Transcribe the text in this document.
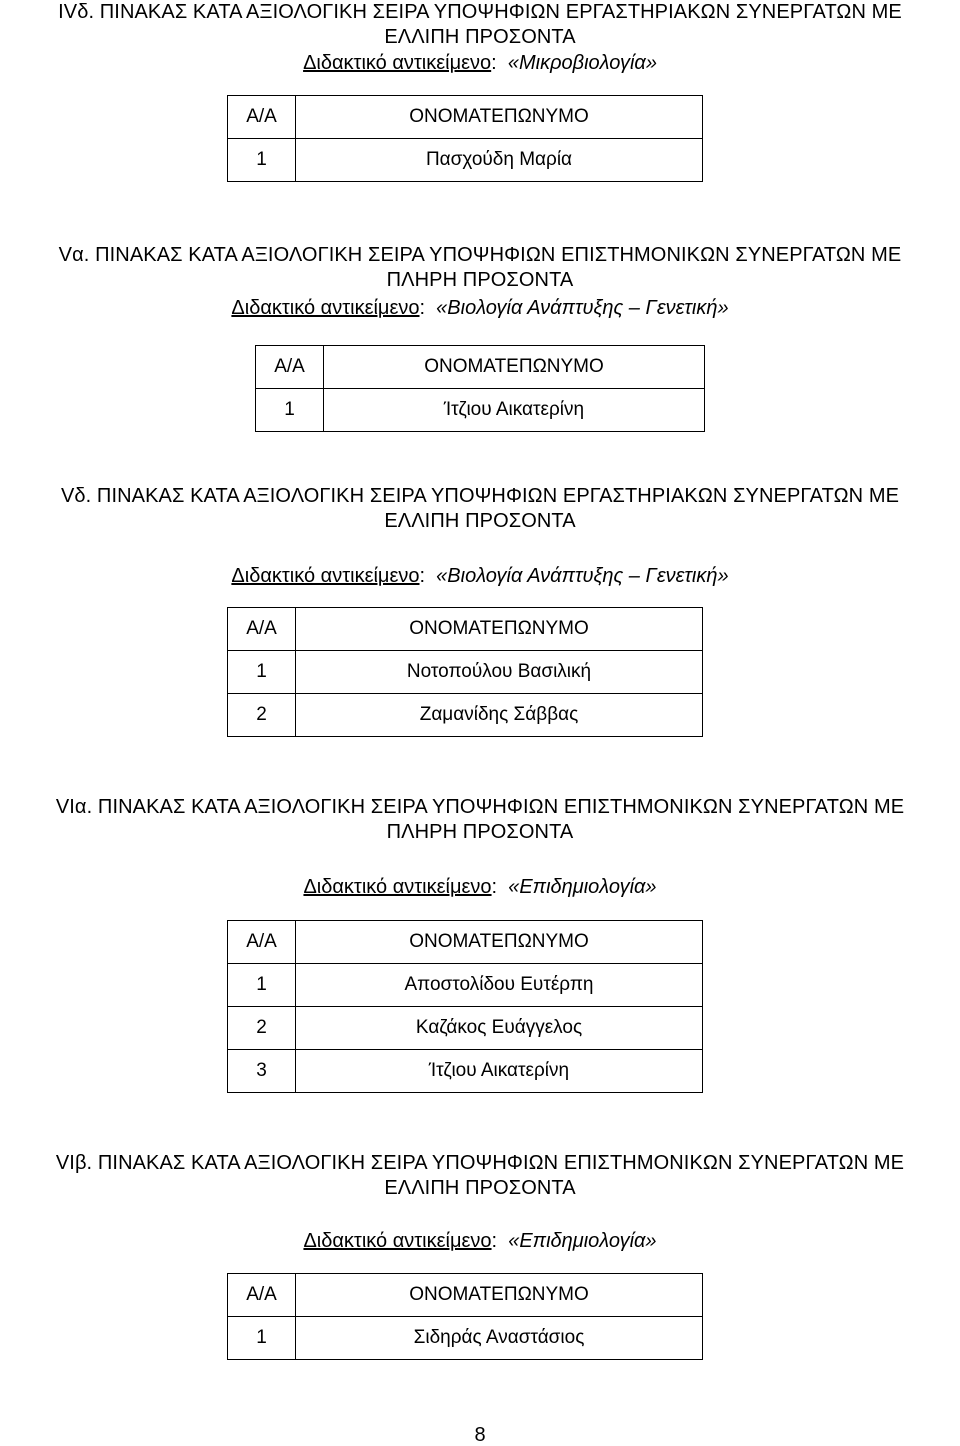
IVδ. ΠΙΝΑΚΑΣ ΚΑΤΑ ΑΞΙΟΛΟΓΙΚΗ ΣΕΙΡΑ ΥΠΟΨΗΦΙΩΝ ΕΡΓΑΣΤΗΡΙΑΚΩΝ ΣΥΝΕΡΓΑΤΩΝ ΜΕ
ΕΛΛΙΠΗ ΠΡΟΣΟΝΤΑ
Διδακτικό αντικείμενο:  «Μικροβιολογία»
Α/Α	ΟΝΟΜΑΤΕΠΩΝΥΜΟ
1	Πασχούδη Μαρία
Vα. ΠΙΝΑΚΑΣ ΚΑΤΑ ΑΞΙΟΛΟΓΙΚΗ ΣΕΙΡΑ ΥΠΟΨΗΦΙΩΝ ΕΠΙΣΤΗΜΟΝΙΚΩΝ ΣΥΝΕΡΓΑΤΩΝ ΜΕ
ΠΛΗΡΗ ΠΡΟΣΟΝΤΑ
Διδακτικό αντικείμενο:  «Βιολογία Ανάπτυξης – Γενετική»
Α/Α	ΟΝΟΜΑΤΕΠΩΝΥΜΟ
1	Ίτζιου Αικατερίνη
Vδ. ΠΙΝΑΚΑΣ ΚΑΤΑ ΑΞΙΟΛΟΓΙΚΗ ΣΕΙΡΑ ΥΠΟΨΗΦΙΩΝ ΕΡΓΑΣΤΗΡΙΑΚΩΝ ΣΥΝΕΡΓΑΤΩΝ ΜΕ
ΕΛΛΙΠΗ ΠΡΟΣΟΝΤΑ
Διδακτικό αντικείμενο:  «Βιολογία Ανάπτυξης – Γενετική»
Α/Α	ΟΝΟΜΑΤΕΠΩΝΥΜΟ
1	Νοτοπούλου Βασιλική
2	Ζαμανίδης Σάββας
VIα. ΠΙΝΑΚΑΣ ΚΑΤΑ ΑΞΙΟΛΟΓΙΚΗ ΣΕΙΡΑ ΥΠΟΨΗΦΙΩΝ ΕΠΙΣΤΗΜΟΝΙΚΩΝ ΣΥΝΕΡΓΑΤΩΝ ΜΕ
ΠΛΗΡΗ ΠΡΟΣΟΝΤΑ
Διδακτικό αντικείμενο:  «Επιδημιολογία»
Α/Α	ΟΝΟΜΑΤΕΠΩΝΥΜΟ
1	Αποστολίδου Ευτέρπη
2	Καζάκος Ευάγγελος
3	Ίτζιου Αικατερίνη
VIβ. ΠΙΝΑΚΑΣ ΚΑΤΑ ΑΞΙΟΛΟΓΙΚΗ ΣΕΙΡΑ ΥΠΟΨΗΦΙΩΝ ΕΠΙΣΤΗΜΟΝΙΚΩΝ ΣΥΝΕΡΓΑΤΩΝ ΜΕ
ΕΛΛΙΠΗ ΠΡΟΣΟΝΤΑ
Διδακτικό αντικείμενο:  «Επιδημιολογία»
Α/Α	ΟΝΟΜΑΤΕΠΩΝΥΜΟ
1	Σιδηράς Αναστάσιος
8
